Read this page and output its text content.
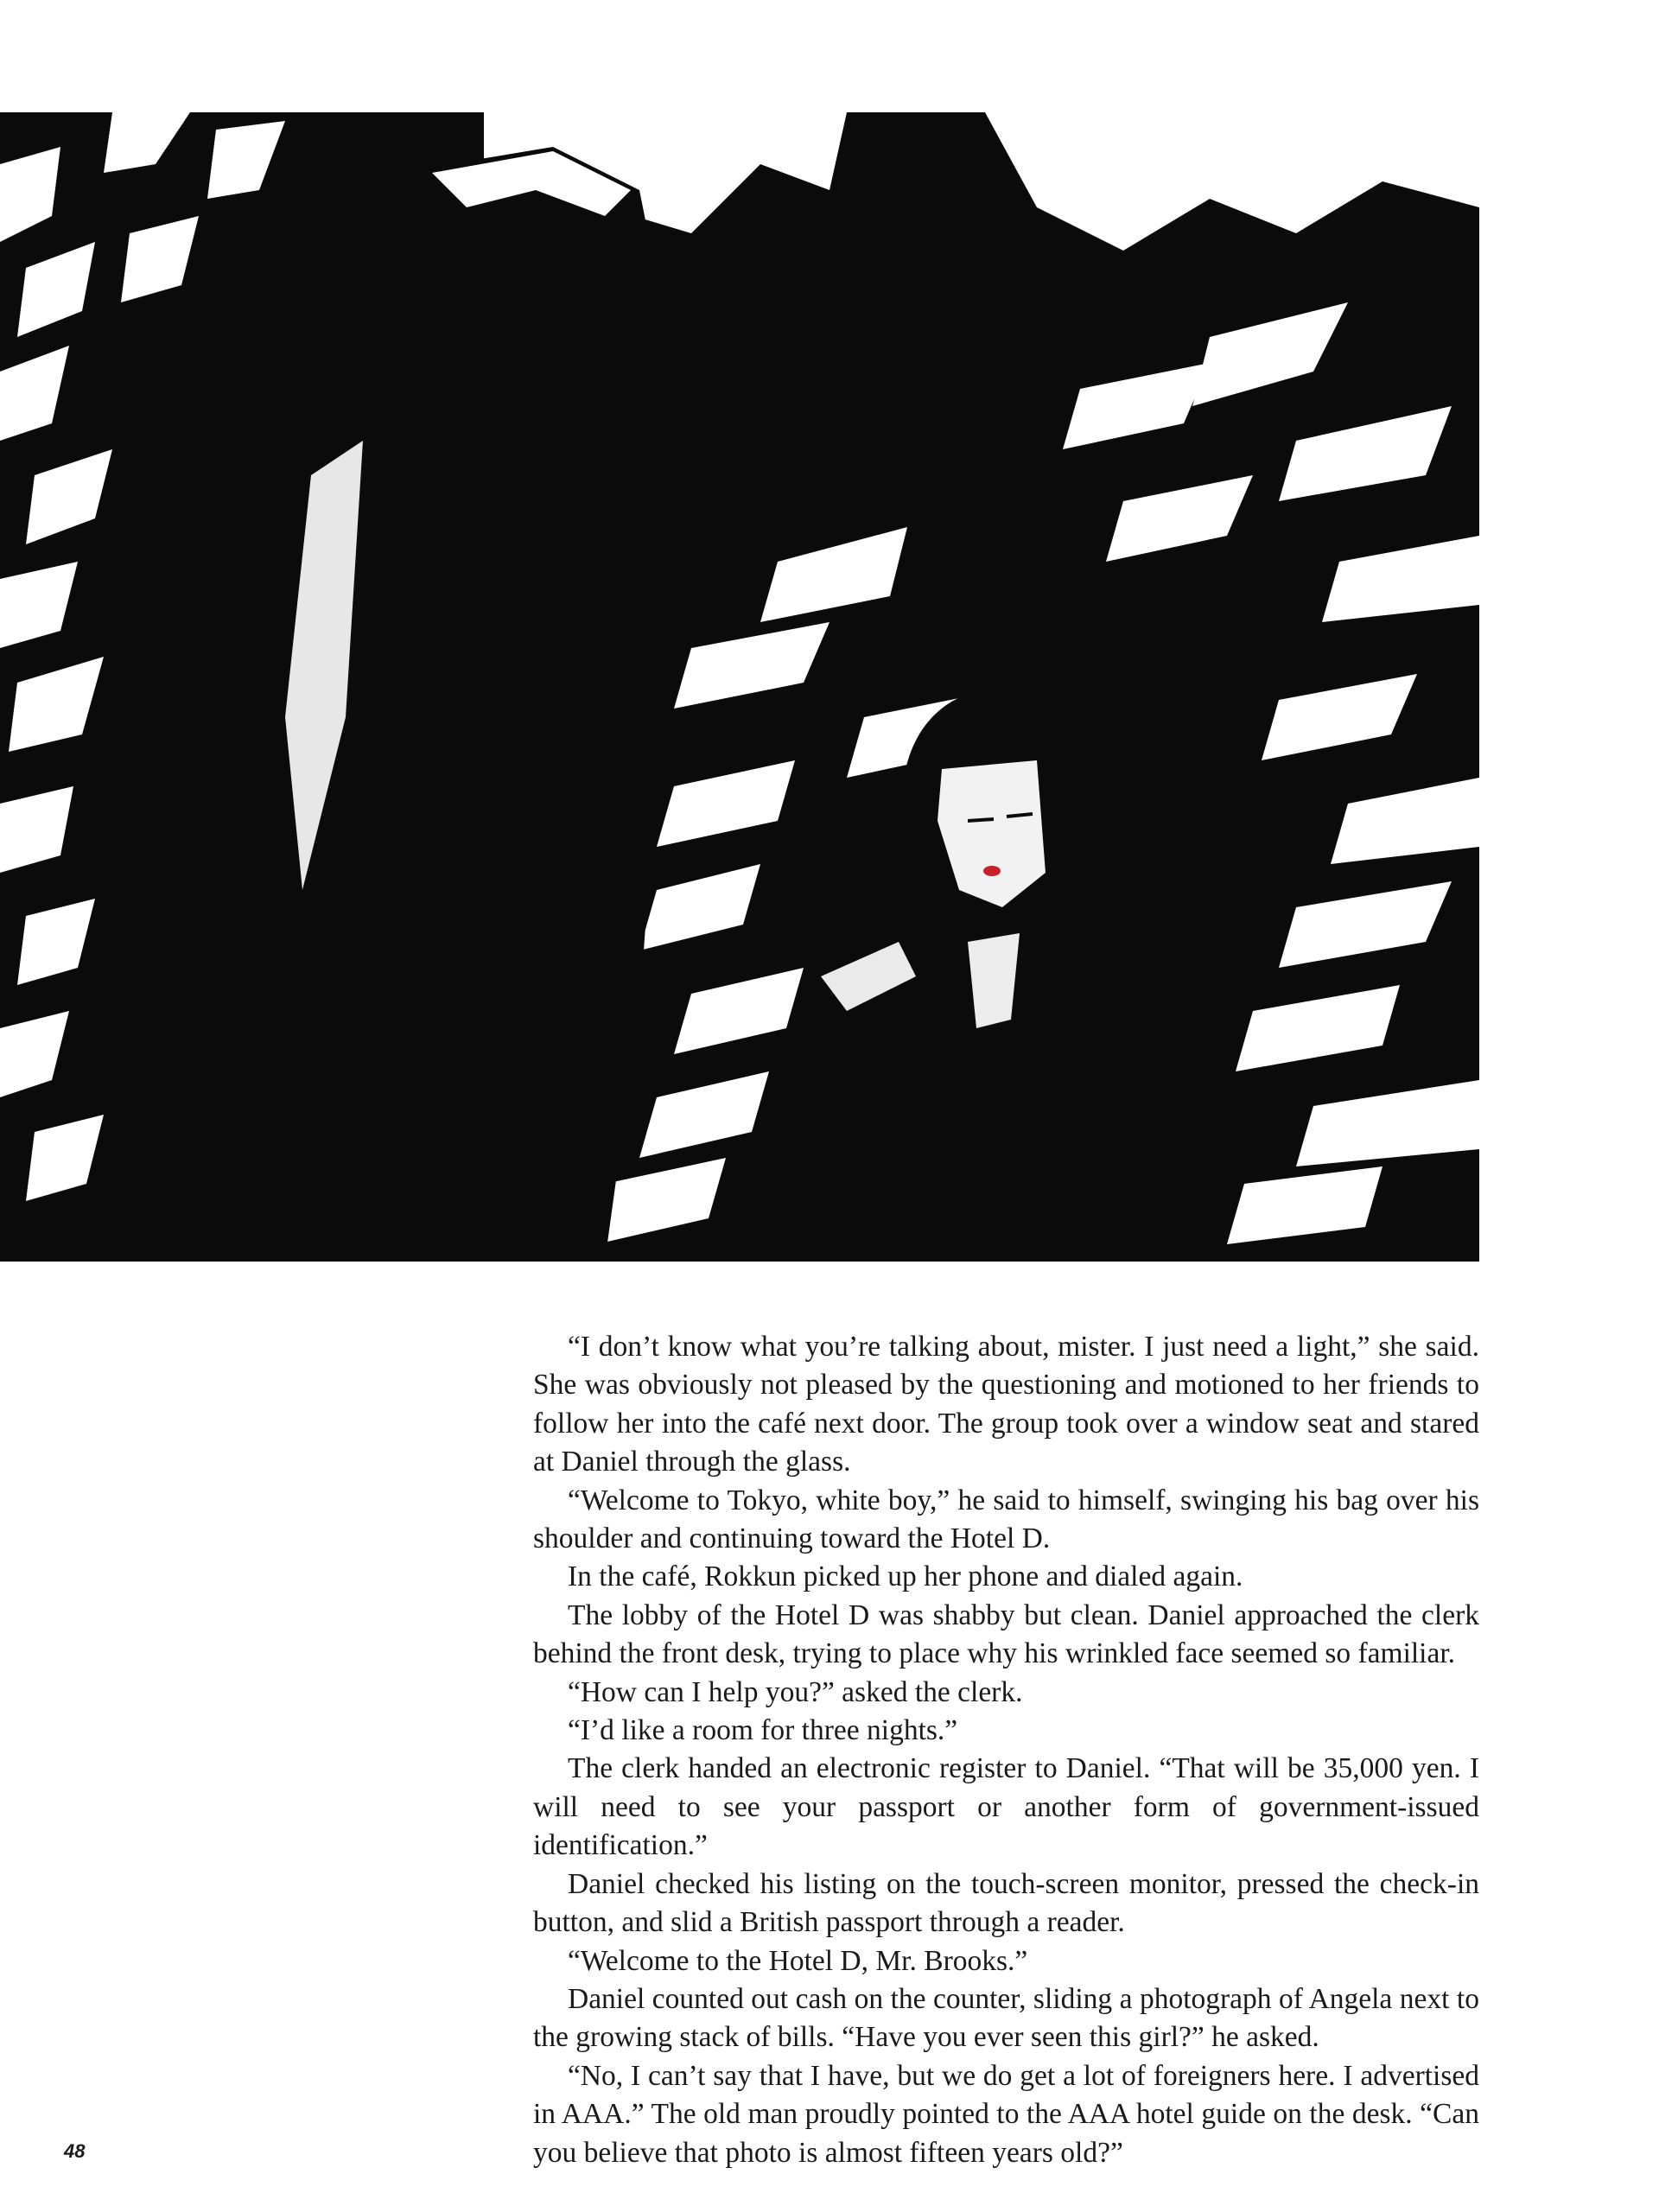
“I don’t know what you’re talking about, mister. I just need a light,” she said. She was obviously not pleased by the questioning and motioned to her friends to follow her into the café next door. The group took over a window seat and stared at Daniel through the glass.

“Welcome to Tokyo, white boy,” he said to himself, swinging his bag over his shoulder and continuing toward the Hotel D.

In the café, Rokkun picked up her phone and dialed again.

The lobby of the Hotel D was shabby but clean. Daniel approached the clerk behind the front desk, trying to place why his wrinkled face seemed so familiar.

“How can I help you?” asked the clerk.

“I’d like a room for three nights.”

The clerk handed an electronic register to Daniel. “That will be 35,000 yen. I will need to see your passport or another form of government-issued identification.”

Daniel checked his listing on the touch-screen monitor, pressed the check-in button, and slid a British passport through a reader.

“Welcome to the Hotel D, Mr. Brooks.”

Daniel counted out cash on the counter, sliding a photograph of Angela next to the growing stack of bills. “Have you ever seen this girl?” he asked.

“No, I can’t say that I have, but we do get a lot of foreigners here. I advertised in AAA.” The old man proudly pointed to the AAA hotel guide on the desk. “Can you believe that photo is almost fifteen years old?”

48
